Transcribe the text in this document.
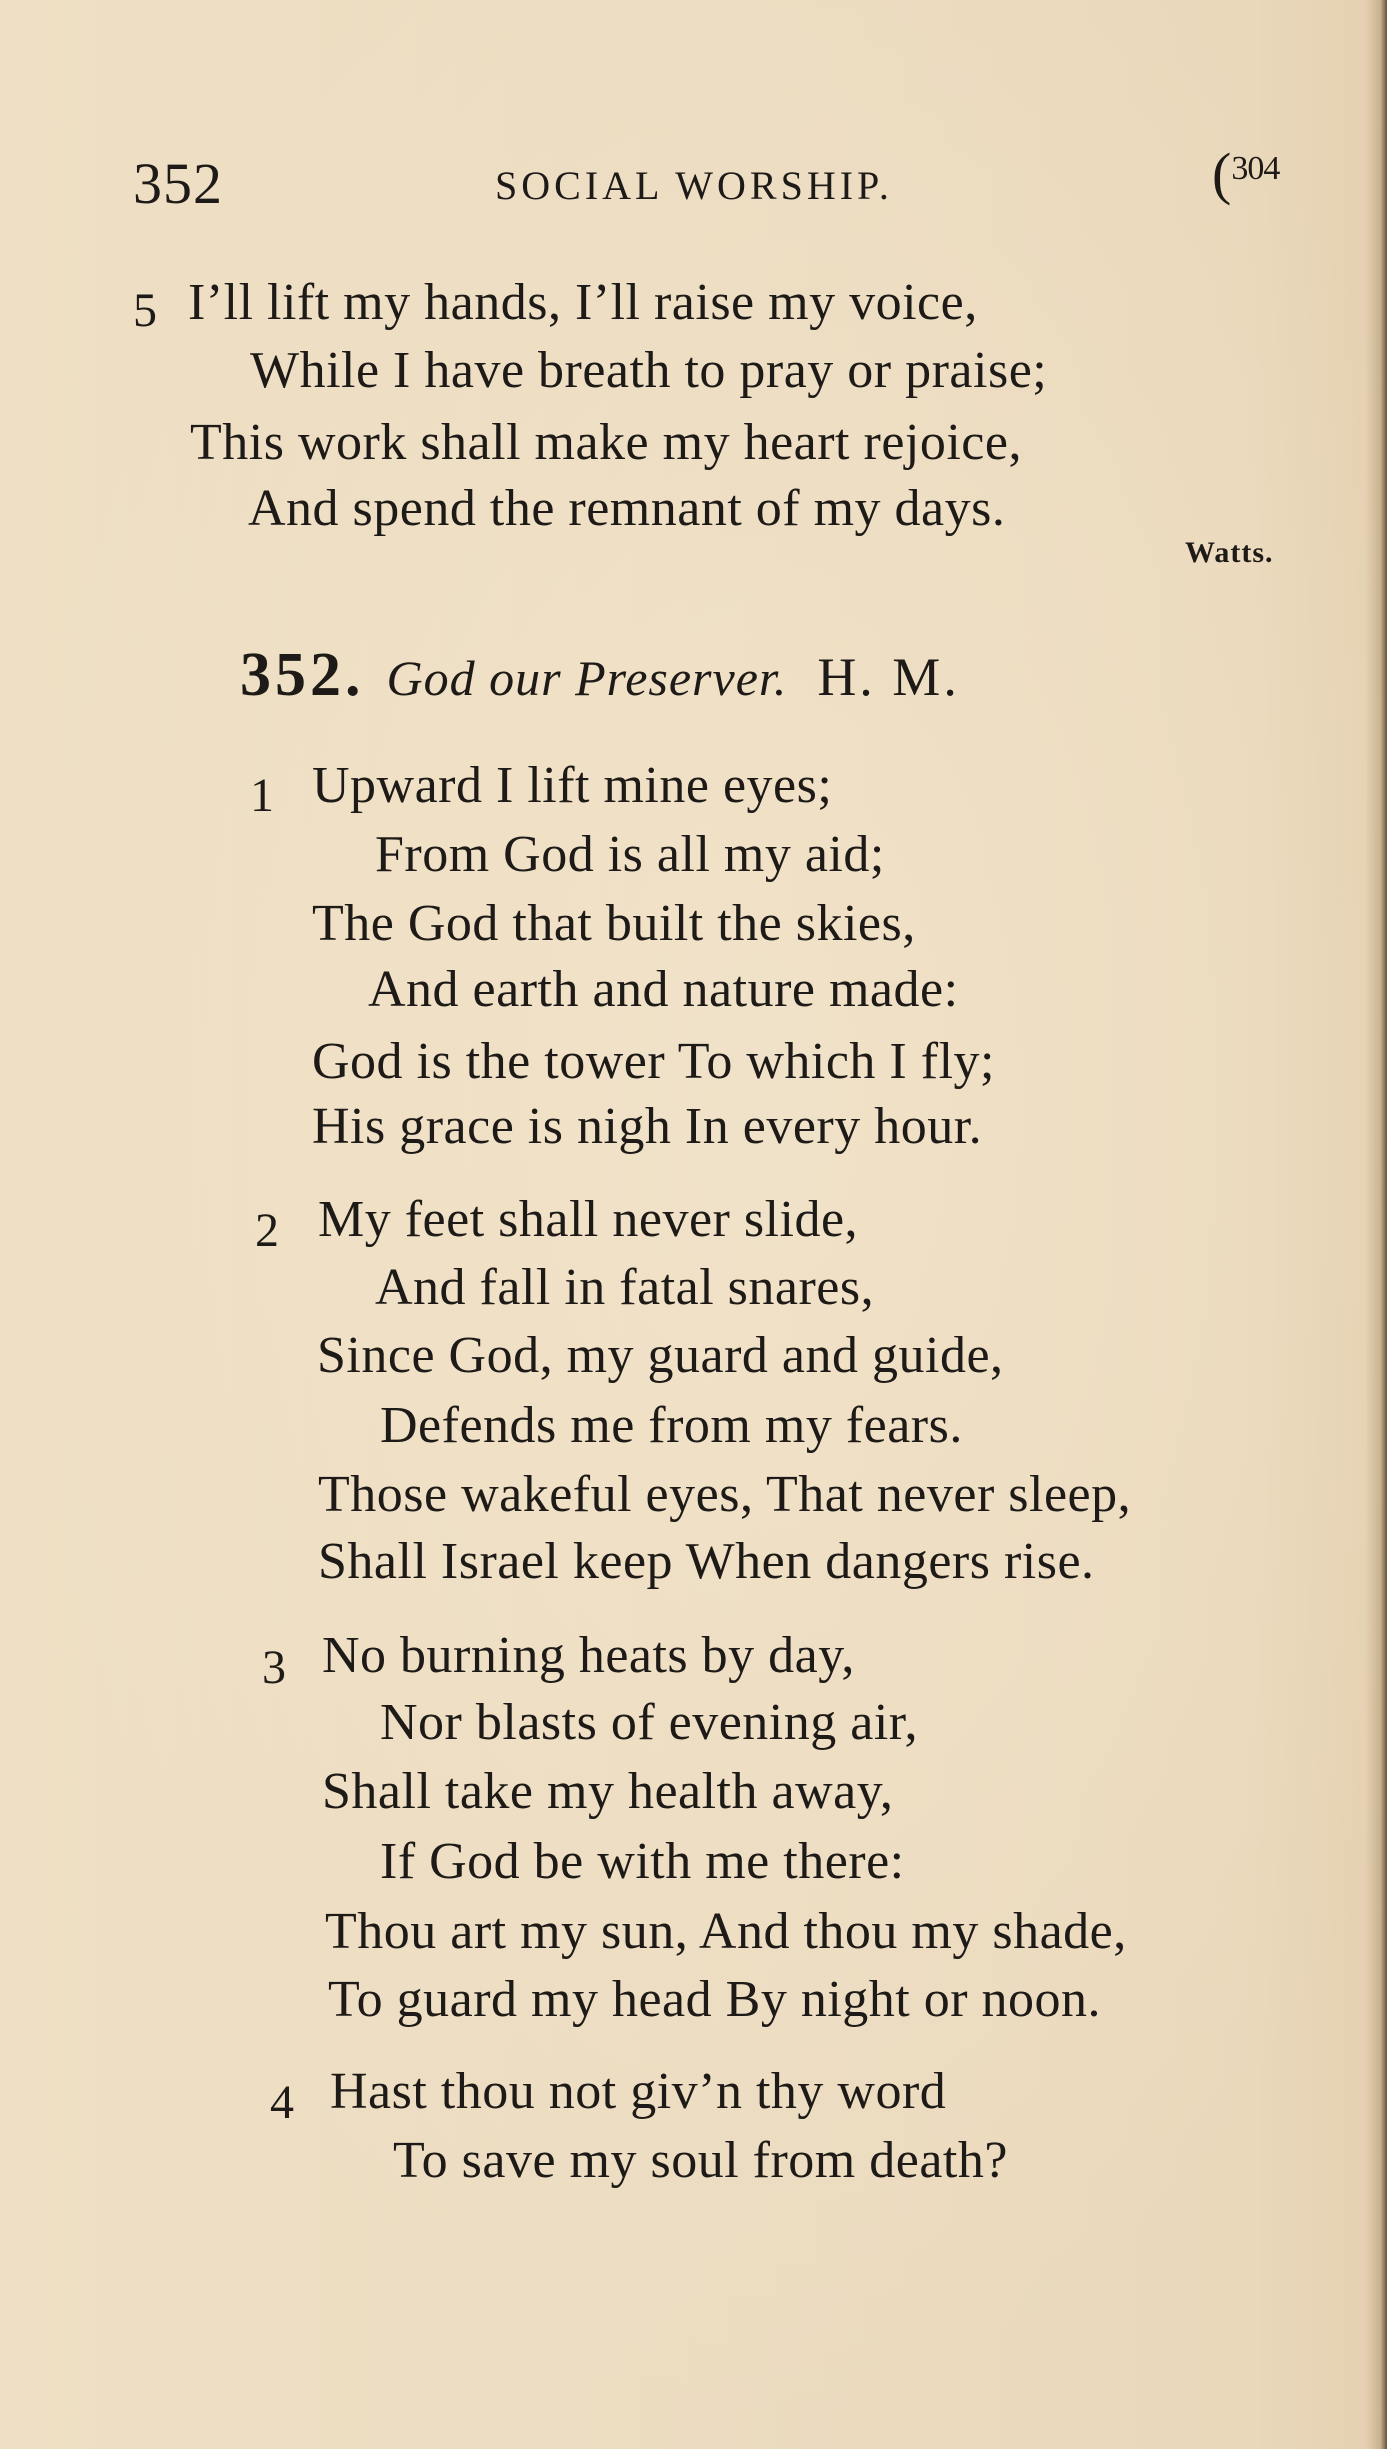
352	SOCIAL WORSHIP.	($^{304}$
5 I’ll lift my hands, I’ll raise my voice,
While I have breath to pray or praise;
This work shall make my heart rejoice,
And spend the remnant of my days.
Watts.
352. God our Preserver. H. M.
1 Upward I lift mine eyes;
From God is all my aid;
The God that built the skies,
And earth and nature made:
God is the tower To which I fly;
His grace is nigh In every hour.
2 My feet shall never slide,
And fall in fatal snares,
Since God, my guard and guide,
Defends me from my fears.
Those wakeful eyes, That never sleep,
Shall Israel keep When dangers rise.
3 No burning heats by day,
Nor blasts of evening air,
Shall take my health away,
If God be with me there:
Thou art my sun, And thou my shade,
To guard my head By night or noon.
4 Hast thou not giv’n thy word
To save my soul from death?
